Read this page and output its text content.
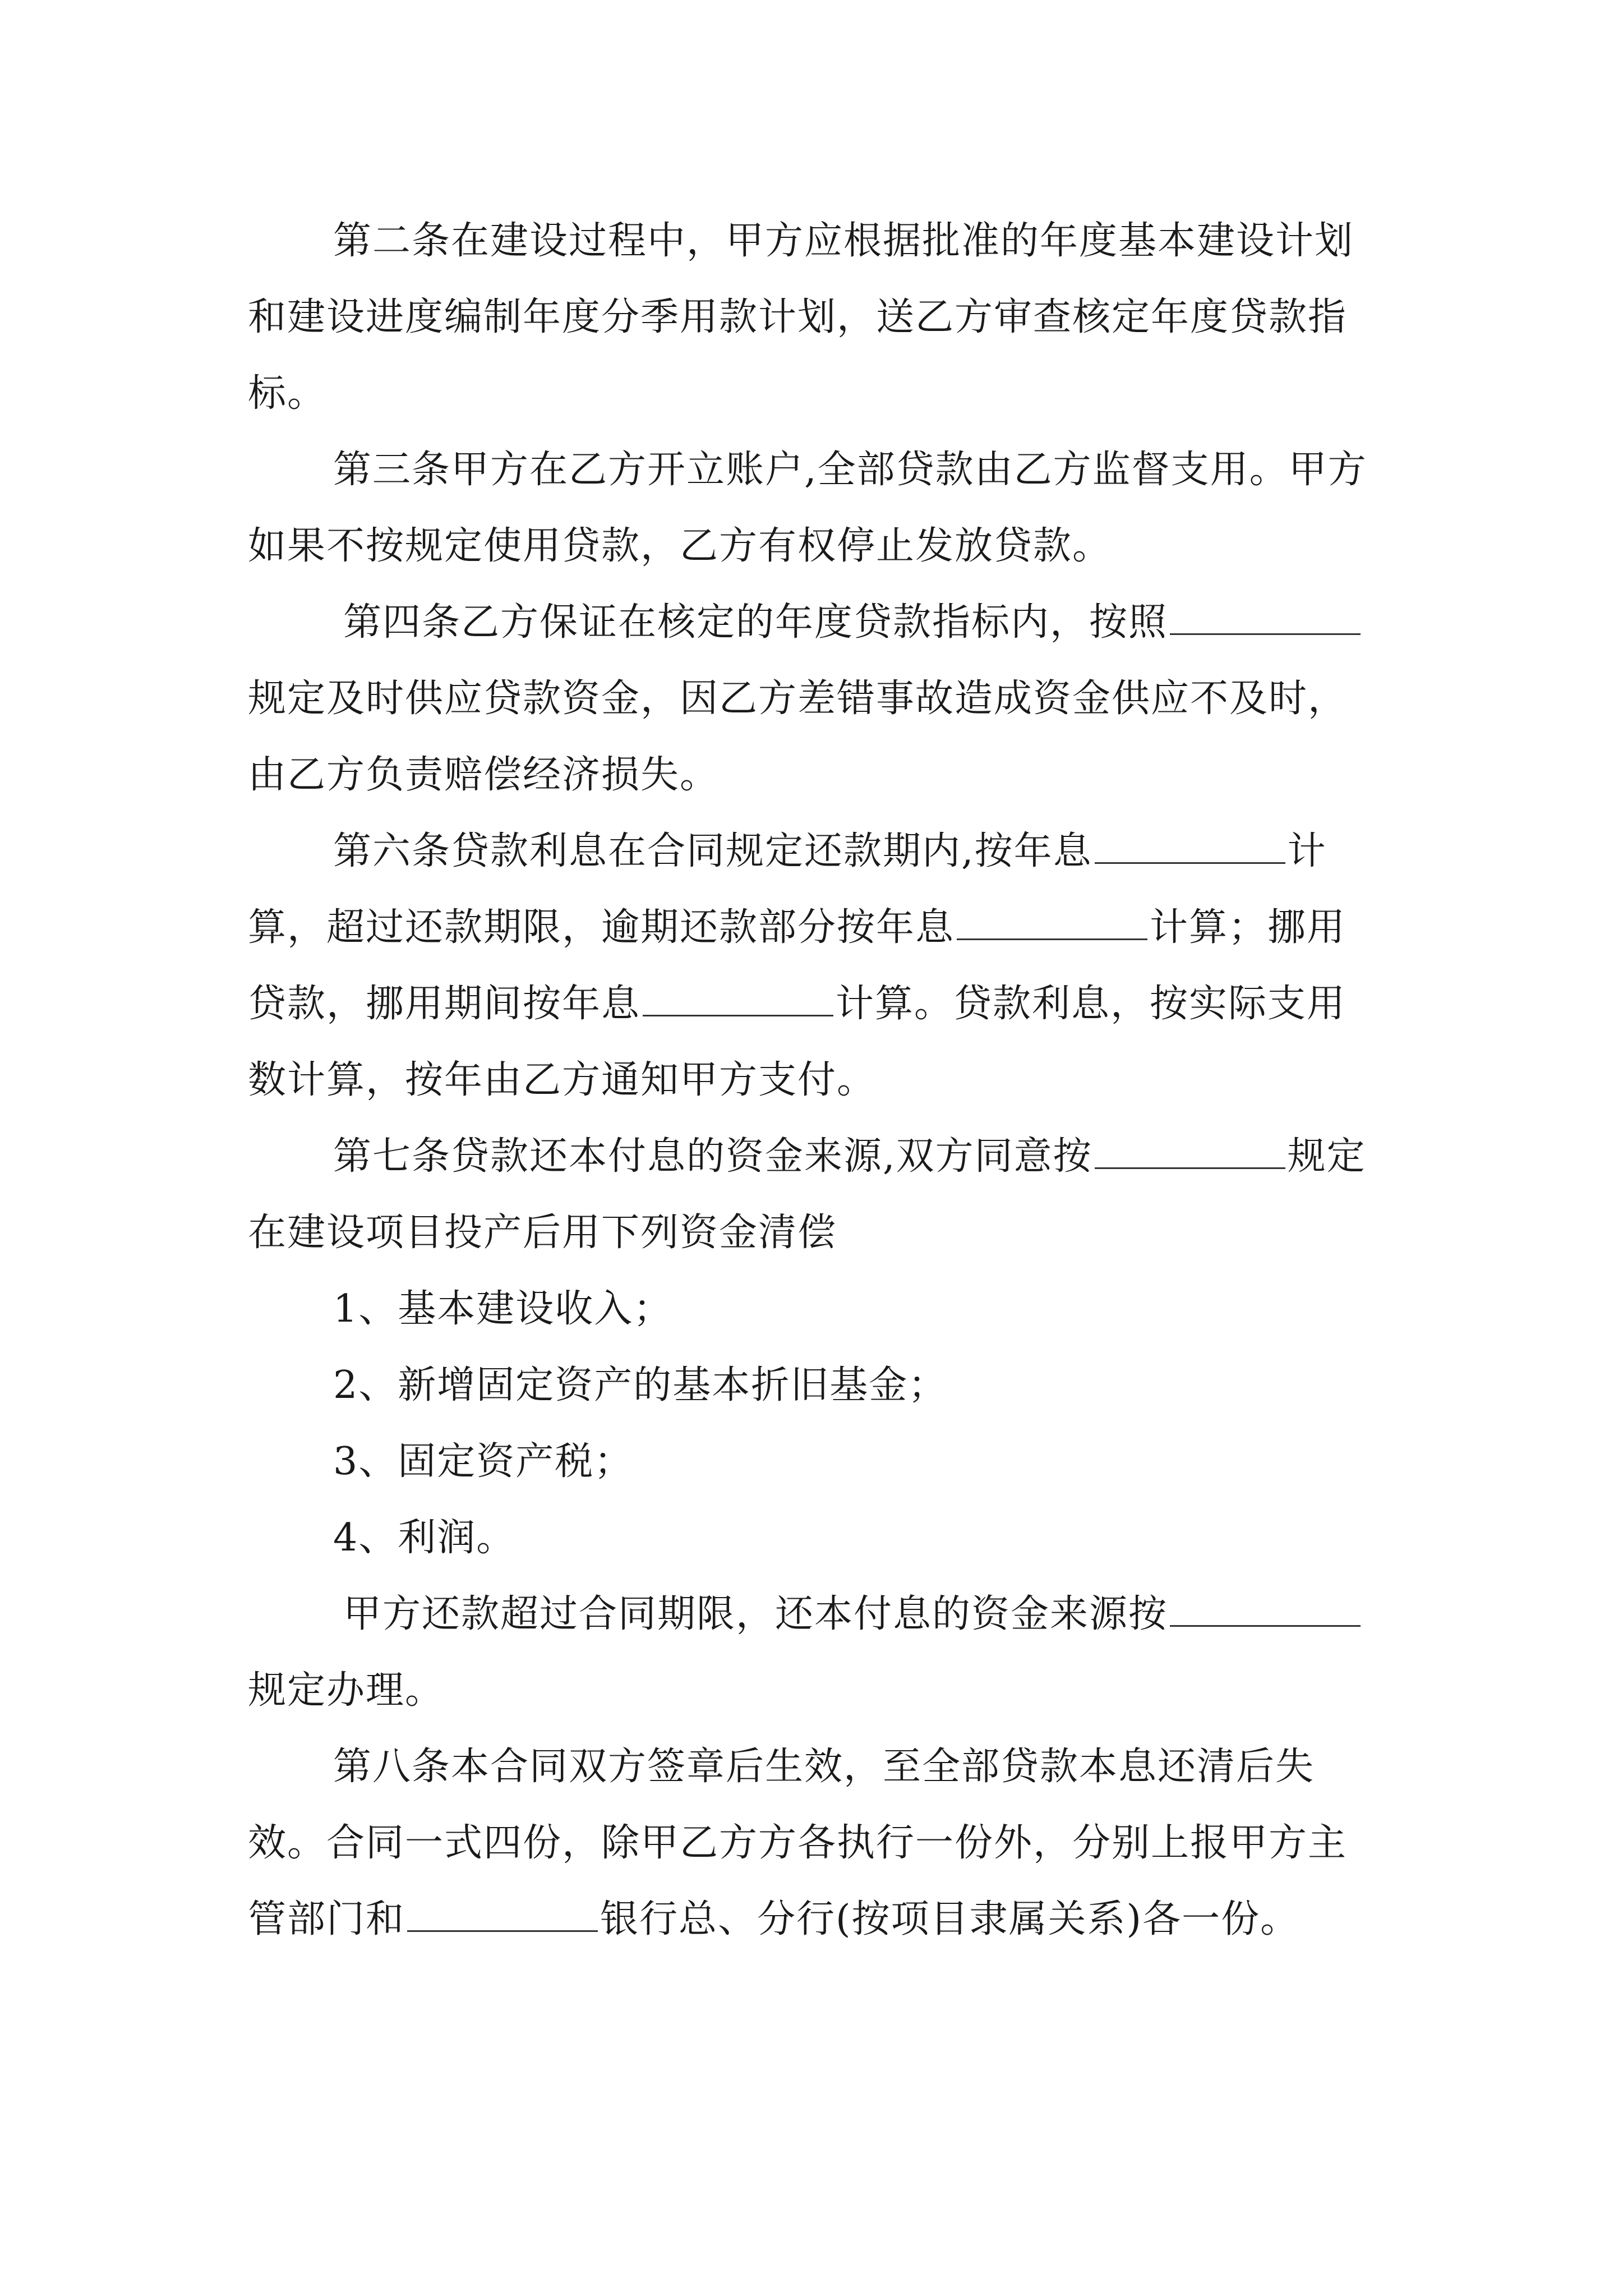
第二条在建设过程中，甲方应根据批准的年度基本建设计划和建设进度编制年度分季用款计划，送乙方审查核定年度贷款指标。

第三条甲方在乙方开立账户,全部贷款由乙方监督支用。甲方如果不按规定使用贷款，乙方有权停止发放贷款。

第四条乙方保证在核定的年度贷款指标内，按照规定及时供应贷款资金，因乙方差错事故造成资金供应不及时，由乙方负责赔偿经济损失。

第六条贷款利息在合同规定还款期内,按年息	计算，超过还款期限，逾期还款部分按年息	计算；挪用贷款，挪用期间按年息	计算。贷款利息，按实际支用数计算，按年由乙方通知甲方支付。

第七条贷款还本付息的资金来源,双方同意按	规定在建设项目投产后用下列资金清偿

1、基本建设收入；

2、新增固定资产的基本折旧基金；

3、固定资产税；

4、利润。

甲方还款超过合同期限，还本付息的资金来源按规定办理。

第八条本合同双方签章后生效，至全部贷款本息还清后失效。合同一式四份，除甲乙方方各执行一份外，分别上报甲方主管部门和	银行总、分行(按项目隶属关系)各一份。
